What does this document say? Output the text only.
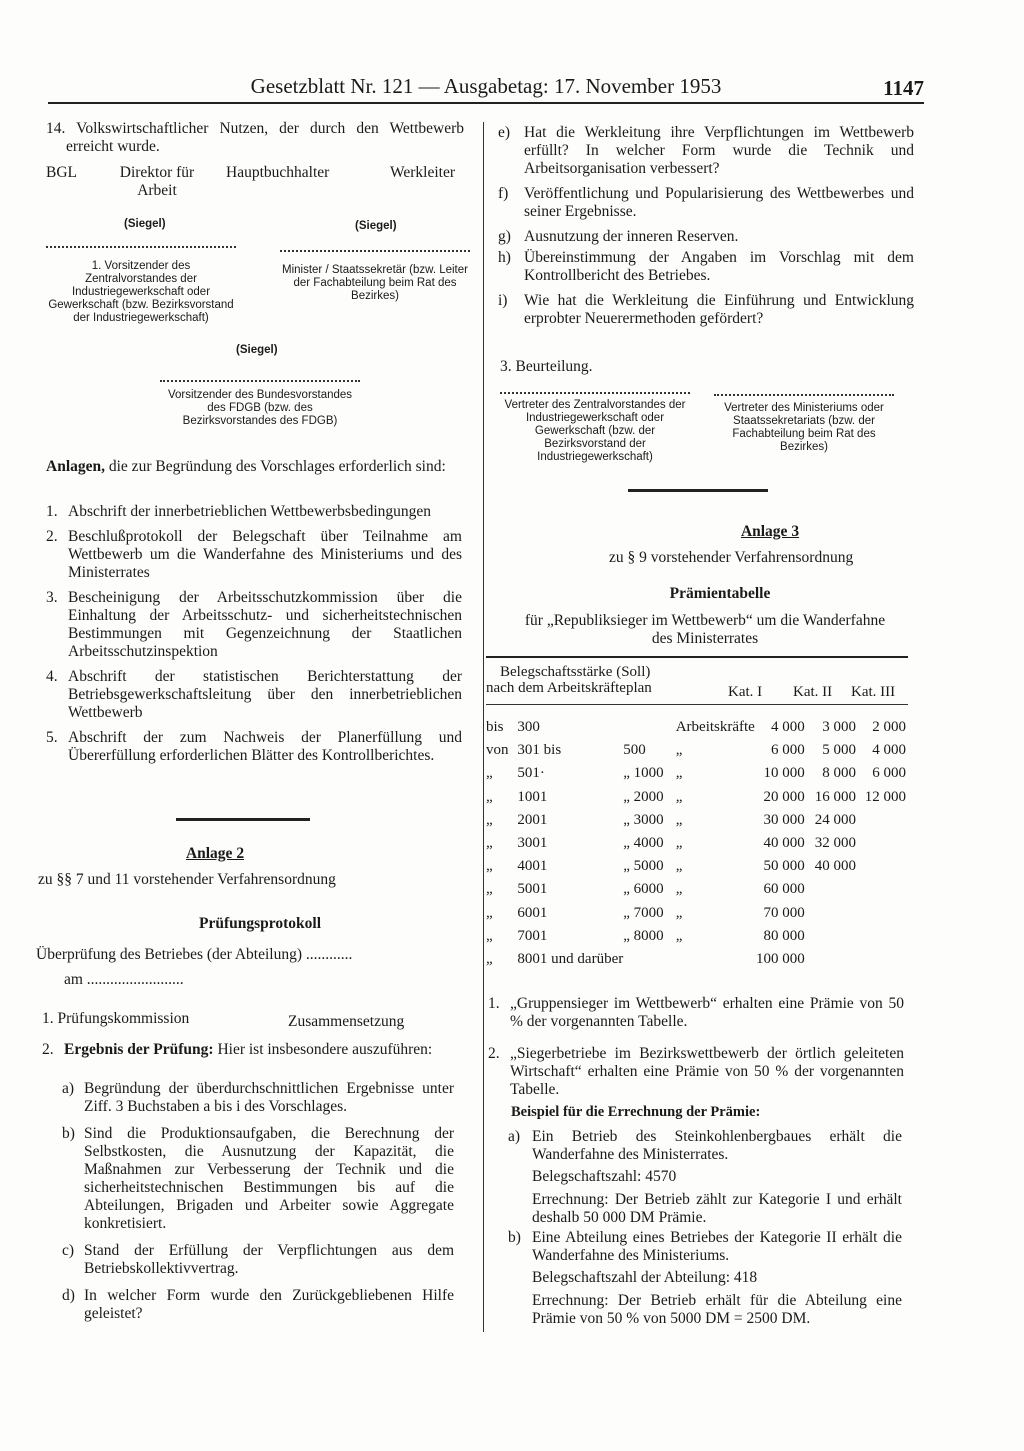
Gesetzblatt Nr. 121 — Ausgabetag: 17. November 1953	1147

14. Volkswirtschaftlicher Nutzen, der durch den Wettbewerb erreicht wurde.

BGL	Direktor für Arbeit
Hauptbuchhalter	Werkleiter
(Siegel)	(Siegel)
1. Vorsitzender des Zentralvorstandes der Industriegewerkschaft oder Gewerkschaft (bzw. Bezirksvorstand der Industriegewerkschaft)
Minister / Staatssekretär (bzw. Leiter der Fachabteilung beim Rat des Bezirkes)
(Siegel)
Vorsitzender des Bundesvorstandes des FDGB (bzw. des Bezirksvorstandes des FDGB)
Anlagen, die zur Begründung des Vorschlages erforderlich sind:
1. Abschrift der innerbetrieblichen Wettbewerbsbedingungen
2. Beschlußprotokoll der Belegschaft über Teilnahme am Wettbewerb um die Wanderfahne des Ministeriums und des Ministerrates
3. Bescheinigung der Arbeitsschutzkommission über die Einhaltung der Arbeitsschutz- und sicherheitstechnischen Bestimmungen mit Gegenzeichnung der Staatlichen Arbeitsschutzinspektion
4. Abschrift der statistischen Berichterstattung der Betriebsgewerkschaftsleitung über den innerbetrieblichen Wettbewerb
5. Abschrift der zum Nachweis der Planerfüllung und Übererfüllung erforderlichen Blätter des Kontrollberichtes.
Anlage 2
zu §§ 7 und 11 vorstehender Verfahrensordnung
Prüfungsprotokoll
Überprüfung des Betriebes (der Abteilung) ............
am .........................
1. Prüfungskommission	Zusammensetzung
2. Ergebnis der Prüfung: Hier ist insbesondere auszuführen:
a) Begründung der überdurchschnittlichen Ergebnisse unter Ziff. 3 Buchstaben a bis i des Vorschlages.
b) Sind die Produktionsaufgaben, die Berechnung der Selbstkosten, die Ausnutzung der Kapazität, die Maßnahmen zur Verbesserung der Technik und die sicherheitstechnischen Bestimmungen bis auf die Abteilungen, Brigaden und Arbeiter sowie Aggregate konkretisiert.
c) Stand der Erfüllung der Verpflichtungen aus dem Betriebskollektivvertrag.
d) In welcher Form wurde den Zurückgebliebenen Hilfe geleistet?
e) Hat die Werkleitung ihre Verpflichtungen im Wettbewerb erfüllt? In welcher Form wurde die Technik und Arbeitsorganisation verbessert?
f)	Veröffentlichung und Popularisierung des Wettbewerbes und seiner Ergebnisse.
g) Ausnutzung der inneren Reserven.
h) Übereinstimmung der Angaben im Vorschlag mit dem Kontrollbericht des Betriebes.
i)	Wie hat die Werkleitung die Einführung und Entwicklung erprobter Neuerermethoden gefördert?
3. Beurteilung.
Vertreter des Zentralvorstandes der Industriegewerkschaft oder Gewerkschaft (bzw. der Bezirksvorstand der Industriegewerkschaft)
Vertreter des Ministeriums oder Staatssekretariats (bzw. der Fachabteilung beim Rat des Bezirkes)
Anlage 3
zu § 9 vorstehender Verfahrensordnung
Prämientabelle
für „Republiksieger im Wettbewerb“ um die Wanderfahne des Ministerrates
Belegschaftsstärke (Soll)
nach dem Arbeitskräfteplan	Kat. I	Kat. II	Kat. III
bis	300		Arbeitskräfte	4 000	3 000	2 000
von	301 bis	500	„	6 000	5 000	4 000
„	501·	„ 1000	„	10 000	8 000	6 000
„	1001	„ 2000	„	20 000	16 000	12 000
„	2001	„ 3000	„	30 000	24 000	
„	3001	„ 4000	„	40 000	32 000	
„	4001	„ 5000	„	50 000	40 000	
„	5001	„ 6000	„	60 000		
„	6001	„ 7000	„	70 000		
„	7001	„ 8000	„	80 000		
„	8001 und darüber			100 000		
1. „Gruppensieger im Wettbewerb“ erhalten eine Prämie von 50 % der vorgenannten Tabelle.
2. „Siegerbetriebe im Bezirkswettbewerb der örtlich geleiteten Wirtschaft“ erhalten eine Prämie von 50 % der vorgenannten Tabelle.
Beispiel für die Errechnung der Prämie:
a) Ein Betrieb des Steinkohlenbergbaues erhält die Wanderfahne des Ministerrates.
Belegschaftszahl: 4570
Errechnung: Der Betrieb zählt zur Kategorie I und erhält deshalb 50 000 DM Prämie.
b) Eine Abteilung eines Betriebes der Kategorie II erhält die Wanderfahne des Ministeriums.
Belegschaftszahl der Abteilung: 418
Errechnung: Der Betrieb erhält für die Abteilung eine Prämie von 50 % von 5000 DM = 2500 DM.
